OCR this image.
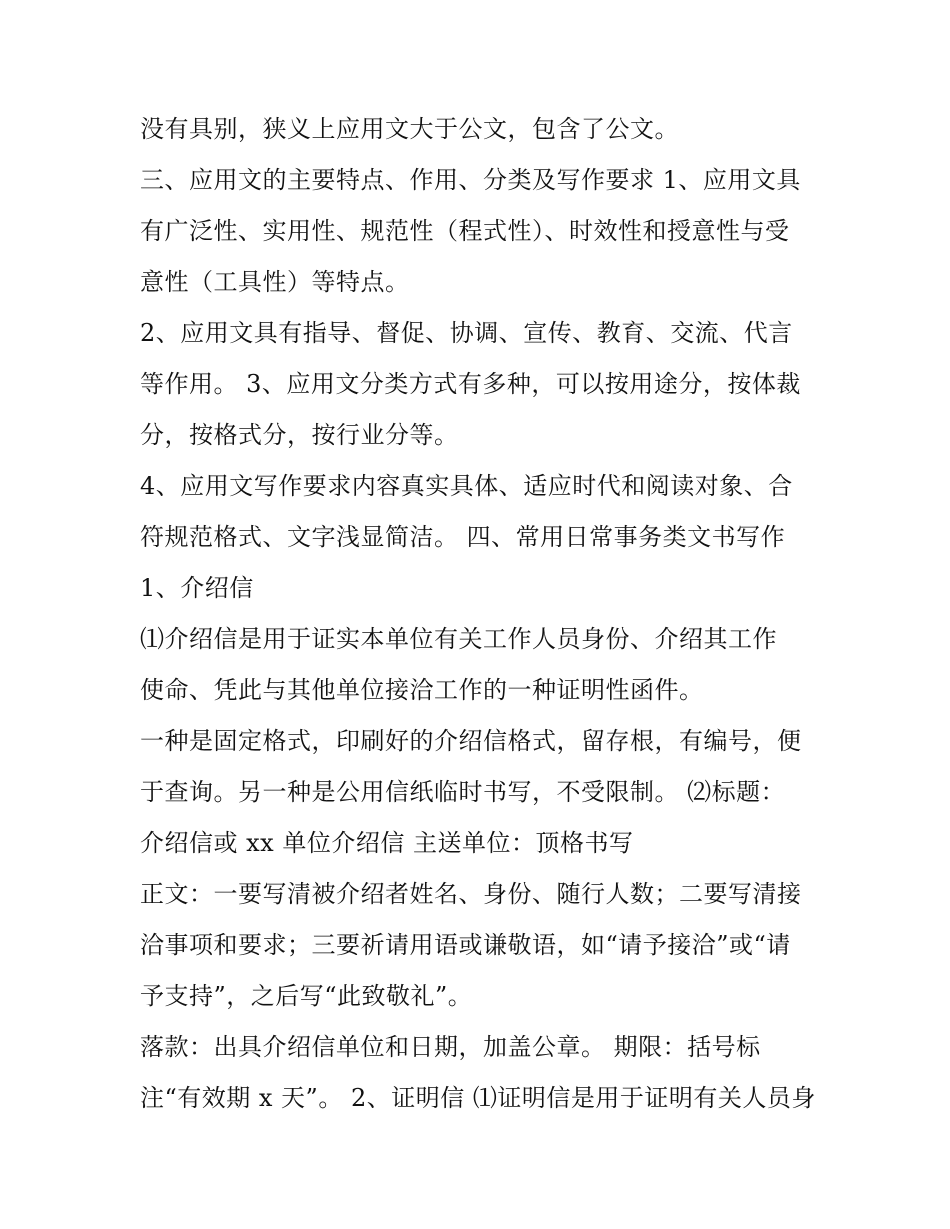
没有具别，狭义上应用文大于公文，包含了公文。
三、应用文的主要特点、作用、分类及写作要求 1、应用文具
有广泛性、实用性、规范性（程式性）、时效性和授意性与受
意性（工具性）等特点。
2、应用文具有指导、督促、协调、宣传、教育、交流、代言
等作用。 3、应用文分类方式有多种，可以按用途分，按体裁
分，按格式分，按行业分等。
4、应用文写作要求内容真实具体、适应时代和阅读对象、合
符规范格式、文字浅显简洁。 四、常用日常事务类文书写作
1、介绍信
⑴介绍信是用于证实本单位有关工作人员身份、介绍其工作
使命、凭此与其他单位接洽工作的一种证明性函件。
一种是固定格式，印刷好的介绍信格式，留存根，有编号，便
于查询。另一种是公用信纸临时书写，不受限制。 ⑵标题：
介绍信或 xx 单位介绍信 主送单位：顶格书写
正文：一要写清被介绍者姓名、身份、随行人数；二要写清接
洽事项和要求；三要祈请用语或谦敬语，如“请予接洽”或“请
予支持”，之后写“此致敬礼”。
落款：出具介绍信单位和日期，加盖公章。 期限：括号标
注“有效期 x 天”。 2、证明信 ⑴证明信是用于证明有关人员身
